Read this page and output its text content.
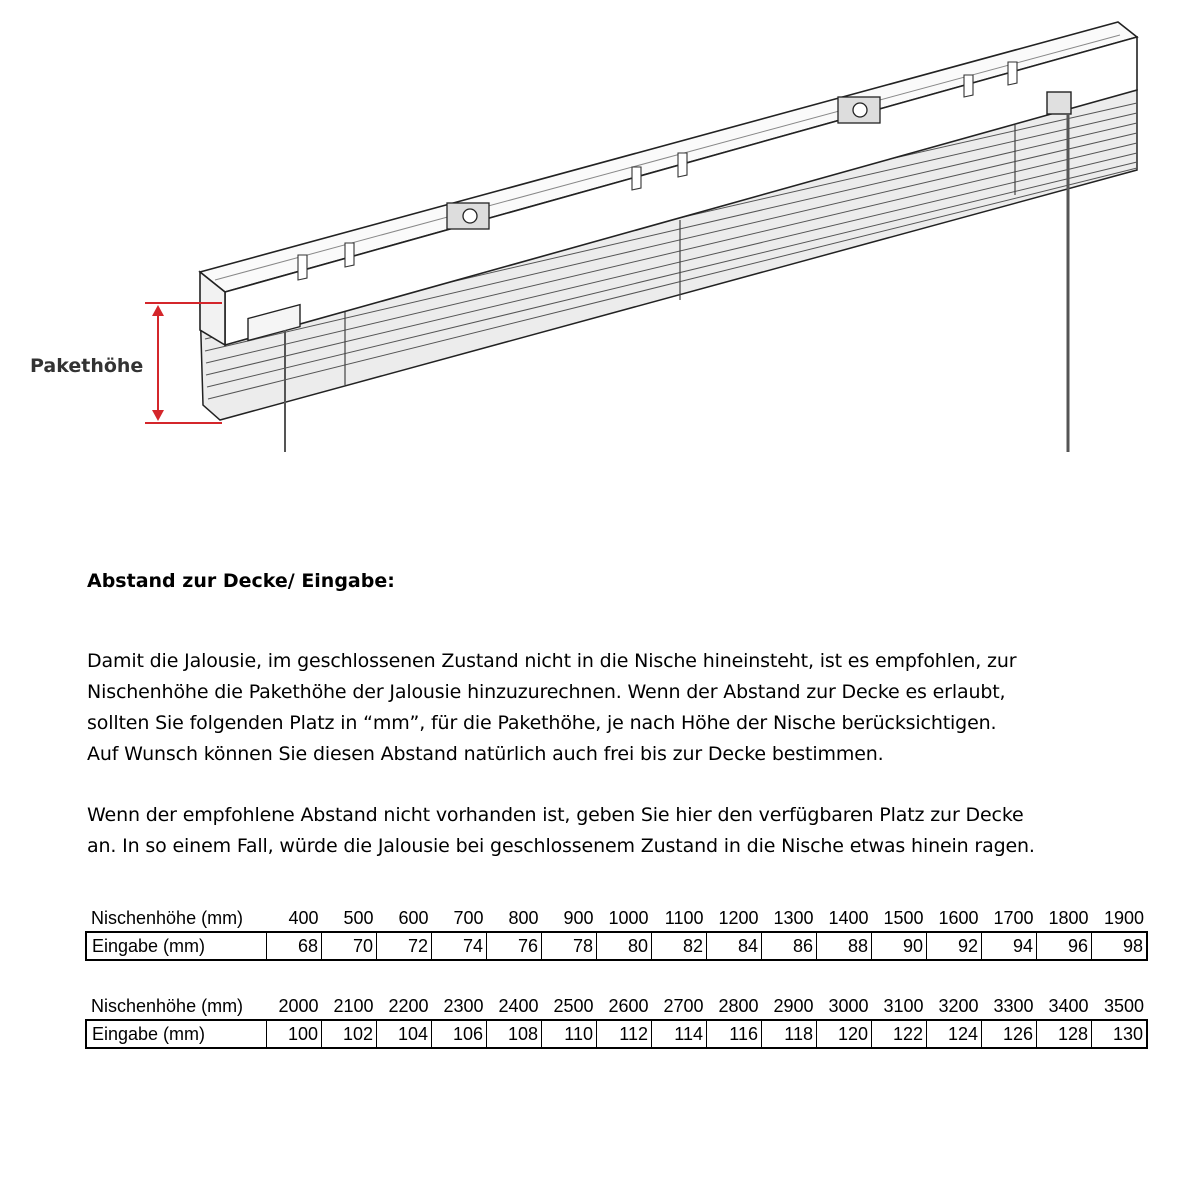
Pakethöhe
Abstand zur Decke/ Eingabe:

Damit die Jalousie, im geschlossenen Zustand nicht in die Nische hineinsteht, ist es empfohlen, zur
Nischenhöhe die Pakethöhe der Jalousie hinzuzurechnen. Wenn der Abstand zur Decke es erlaubt,
sollten Sie folgenden Platz in “mm”, für die Pakethöhe, je nach Höhe der Nische berücksichtigen.
Auf Wunsch können Sie diesen Abstand natürlich auch frei bis zur Decke bestimmen.

Wenn der empfohlene Abstand nicht vorhanden ist, geben Sie hier den verfügbaren Platz zur Decke
an. In so einem Fall, würde die Jalousie bei geschlossenem Zustand in die Nische etwas hinein ragen.

Nischenhöhe (mm)	400	500	600	700	800	900	1000	1100	1200	1300	1400	1500	1600	1700	1800	1900
Eingabe (mm)	68	70	72	74	76	78	80	82	84	86	88	90	92	94	96	98
Nischenhöhe (mm)	2000	2100	2200	2300	2400	2500	2600	2700	2800	2900	3000	3100	3200	3300	3400	3500
Eingabe (mm)	100	102	104	106	108	110	112	114	116	118	120	122	124	126	128	130
